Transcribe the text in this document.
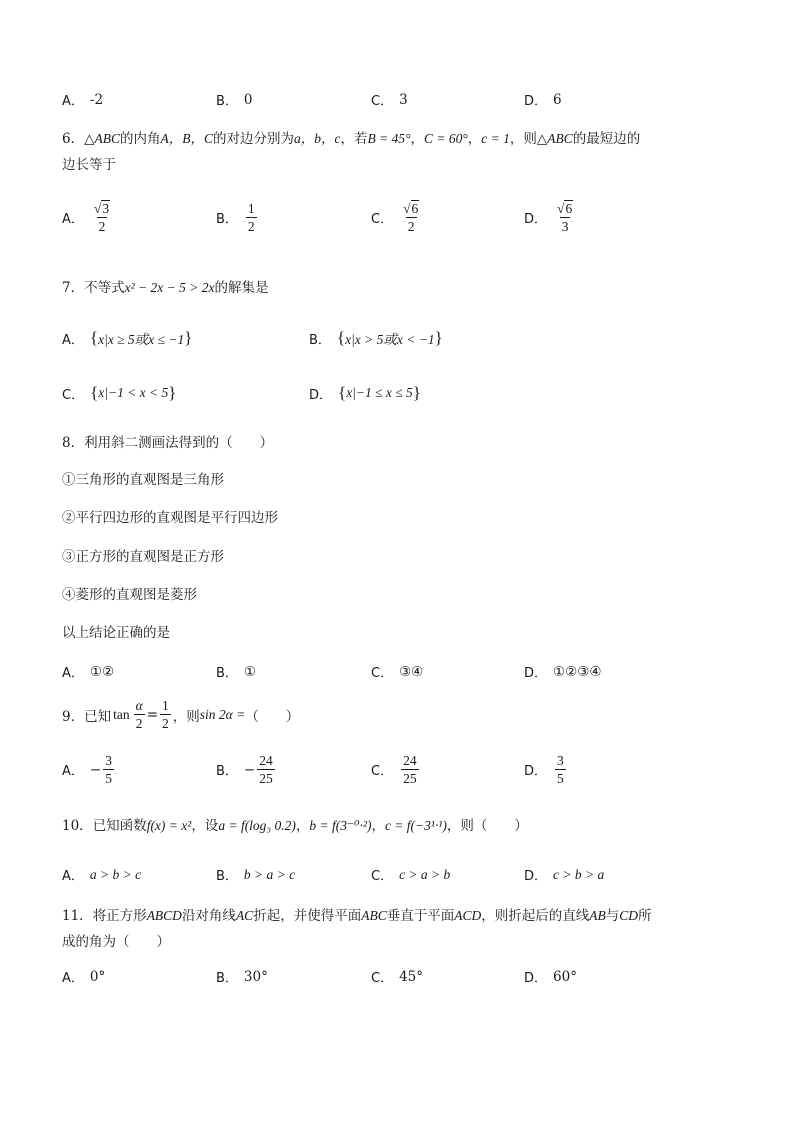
A． -2	B． 0	C． 3	D． 6
6．△ABC的内角A，B，C的对边分别为a，b，c，若B = 45°，C = 60°，c = 1，则△ABC的最短边的
边长等于
A． $\frac{√3}{2}$	B． $\frac{1}{2}$	C． $\frac{√6}{2}$	D． $\frac{√6}{3}$
7．不等式x² − 2x − 5 > 2x的解集是
A． { x|x ≥ 5或x ≤ −1 }	B． { x|x > 5或x < −1 }
C． { x|−1 < x < 5 }	D． { x|−1 ≤ x ≤ 5 }
8．利用斜二测画法得到的（　　）
①三角形的直观图是三角形
②平行四边形的直观图是平行四边形
③正方形的直观图是正方形
④菱形的直观图是菱形
以上结论正确的是
A． ①②	B． ①	C． ③④	D． ①②③④
9． 已知 $\tan \frac{\alpha}{2} = \frac{1}{2}$ ，则 sin 2α = （　　）
A． − $\frac{3}{5}$	B． − $\frac{24}{25}$	C． $\frac{24}{25}$	D． $\frac{3}{5}$
10．已知函数f(x) = x²，设a = f(log₃ 0.2)，b = f(3⁻⁰·²)，c = f(−3¹·¹)，则（　　）
A． a > b > c	B． b > a > c	C． c > a > b	D． c > b > a
11．将正方形ABCD沿对角线AC折起，并使得平面ABC垂直于平面ACD，则折起后的直线AB与CD所
成的角为（　　）
A． 0°	B． 30°	C． 45°	D． 60°
